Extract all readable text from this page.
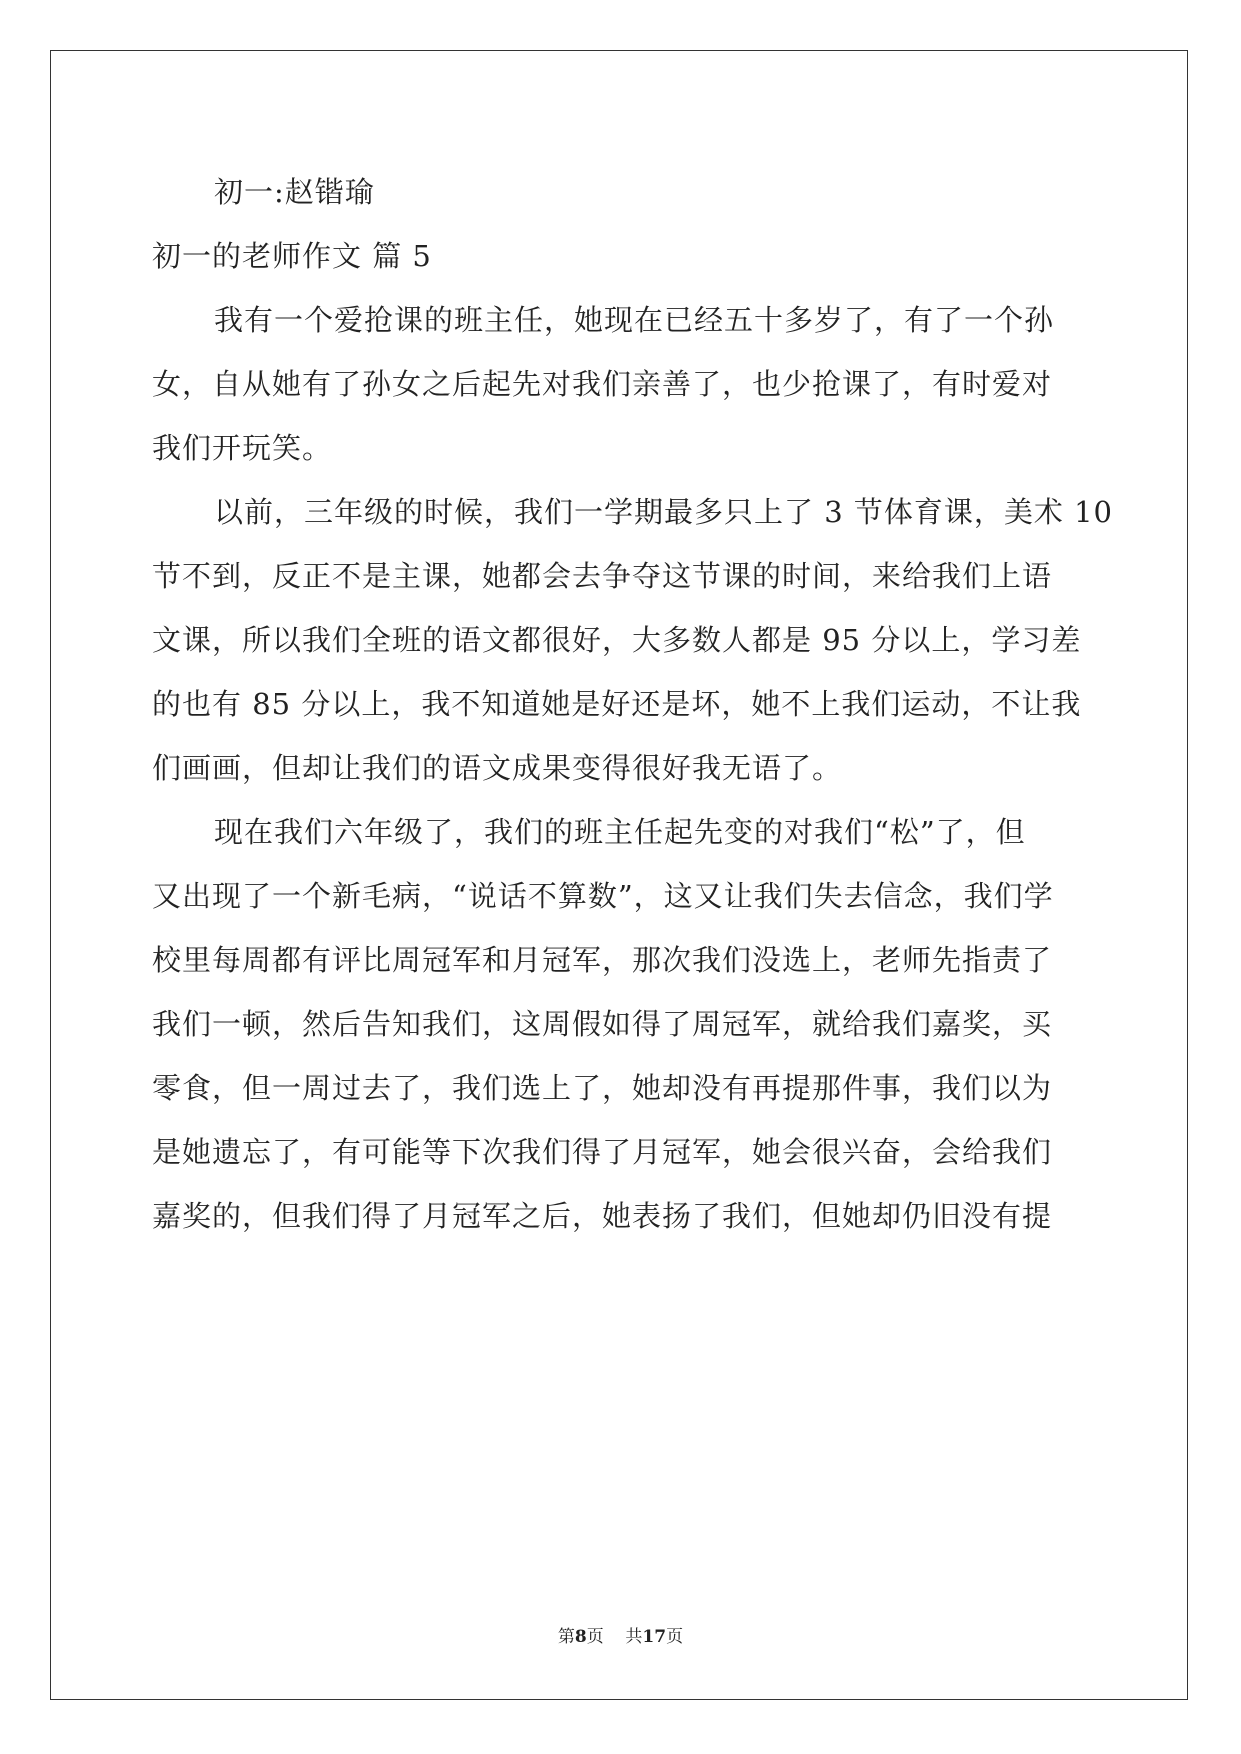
初一:赵锴瑜
初一的老师作文 篇 5
我有一个爱抢课的班主任，她现在已经五十多岁了，有了一个孙
女，自从她有了孙女之后起先对我们亲善了，也少抢课了，有时爱对
我们开玩笑。
以前，三年级的时候，我们一学期最多只上了 3 节体育课，美术 10
节不到，反正不是主课，她都会去争夺这节课的时间，来给我们上语
文课，所以我们全班的语文都很好，大多数人都是 95 分以上，学习差
的也有 85 分以上，我不知道她是好还是坏，她不上我们运动，不让我
们画画，但却让我们的语文成果变得很好我无语了。
现在我们六年级了，我们的班主任起先变的对我们“松”了，但
又出现了一个新毛病，“说话不算数”，这又让我们失去信念，我们学
校里每周都有评比周冠军和月冠军，那次我们没选上，老师先指责了
我们一顿，然后告知我们，这周假如得了周冠军，就给我们嘉奖，买
零食，但一周过去了，我们选上了，她却没有再提那件事，我们以为
是她遗忘了，有可能等下次我们得了月冠军，她会很兴奋，会给我们
嘉奖的，但我们得了月冠军之后，她表扬了我们，但她却仍旧没有提
第8页    共17页
